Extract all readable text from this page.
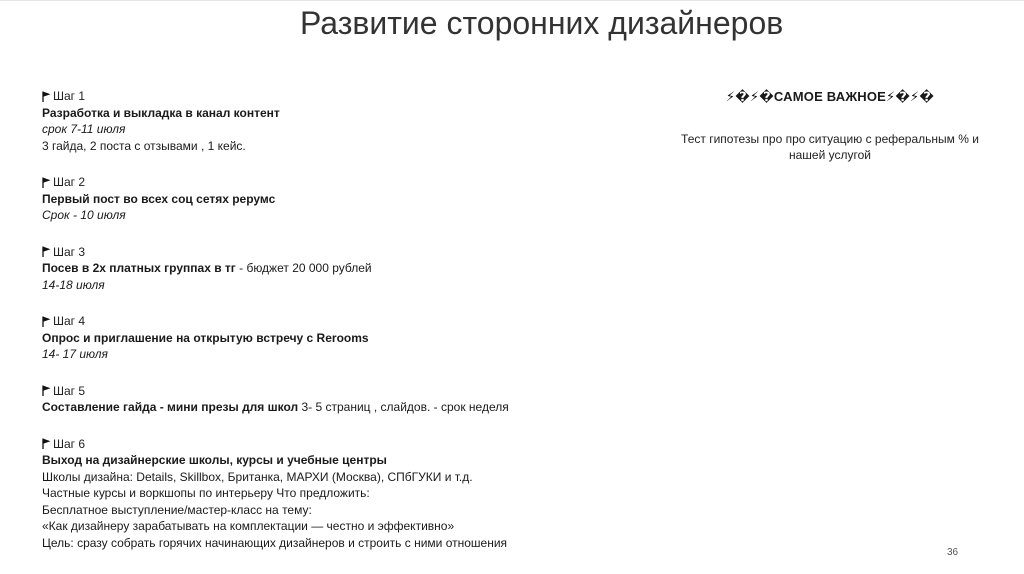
Развитие сторонних дизайнеров
Шаг 1
Разработка и выкладка в канал контент
срок 7-11 июля
3 гайда, 2 поста с отзывами , 1 кейс.
Шаг 2
Первый пост во всех соц сетях рерумс
Срок - 10 июля
Шаг 3
Посев в 2х платных группах в тг - бюджет 20 000 рублей
14-18 июля
Шаг 4
Опрос и приглашение на открытую встречу с Rerooms
14- 17 июля
Шаг 5
Составление гайда - мини презы для школ 3- 5 страниц , слайдов. - срок неделя
Шаг 6
Выход на дизайнерские школы, курсы и учебные центры
Школы дизайна: Details, Skillbox, Британка, МАРХИ (Москва), СПбГУКИ и т.д.
Частные курсы и воркшопы по интерьеру Что предложить:
Бесплатное выступление/мастер-класс на тему:
«Как дизайнеру зарабатывать на комплектации — честно и эффективно»
Цель: сразу собрать горячих начинающих дизайнеров и строить с ними отношения
⚡�⚡�САМОЕ ВАЖНОЕ⚡�⚡�
Тест гипотезы про про ситуацию с реферальным % и
нашей услугой
36
